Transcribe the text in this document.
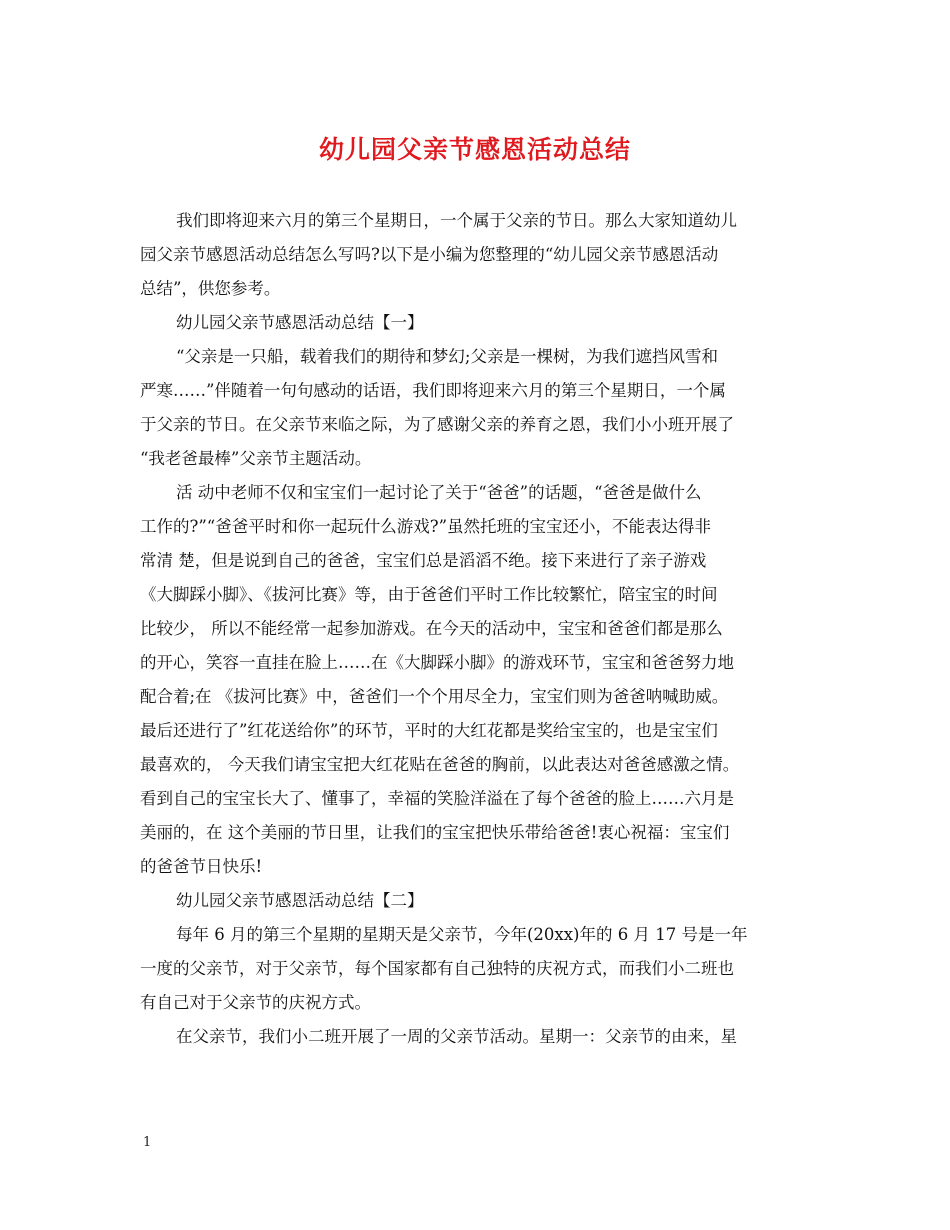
幼儿园父亲节感恩活动总结
我们即将迎来六月的第三个星期日，一个属于父亲的节日。那么大家知道幼儿
园父亲节感恩活动总结怎么写吗?以下是小编为您整理的“幼儿园父亲节感恩活动
总结”，供您参考。
幼儿园父亲节感恩活动总结【一】
“父亲是一只船，载着我们的期待和梦幻;父亲是一棵树，为我们遮挡风雪和
严寒……”伴随着一句句感动的话语，我们即将迎来六月的第三个星期日，一个属
于父亲的节日。在父亲节来临之际，为了感谢父亲的养育之恩，我们小小班开展了
“我老爸最棒”父亲节主题活动。
活 动中老师不仅和宝宝们一起讨论了关于“爸爸”的话题，“爸爸是做什么
工作的?”“爸爸平时和你一起玩什么游戏?”虽然托班的宝宝还小，不能表达得非
常清 楚，但是说到自己的爸爸，宝宝们总是滔滔不绝。接下来进行了亲子游戏
《大脚踩小脚》、《拔河比赛》等，由于爸爸们平时工作比较繁忙，陪宝宝的时间
比较少， 所以不能经常一起参加游戏。在今天的活动中，宝宝和爸爸们都是那么
的开心，笑容一直挂在脸上……在《大脚踩小脚》的游戏环节，宝宝和爸爸努力地
配合着;在 《拔河比赛》中，爸爸们一个个用尽全力，宝宝们则为爸爸呐喊助威。
最后还进行了”红花送给你”的环节，平时的大红花都是奖给宝宝的，也是宝宝们
最喜欢的， 今天我们请宝宝把大红花贴在爸爸的胸前，以此表达对爸爸感激之情。
看到自己的宝宝长大了、懂事了，幸福的笑脸洋溢在了每个爸爸的脸上……六月是
美丽的，在 这个美丽的节日里，让我们的宝宝把快乐带给爸爸!衷心祝福：宝宝们
的爸爸节日快乐!
幼儿园父亲节感恩活动总结【二】
每年 6 月的第三个星期的星期天是父亲节，今年(20xx)年的 6 月 17 号是一年
一度的父亲节，对于父亲节，每个国家都有自己独特的庆祝方式，而我们小二班也
有自己对于父亲节的庆祝方式。
在父亲节，我们小二班开展了一周的父亲节活动。星期一：父亲节的由来，星
1
